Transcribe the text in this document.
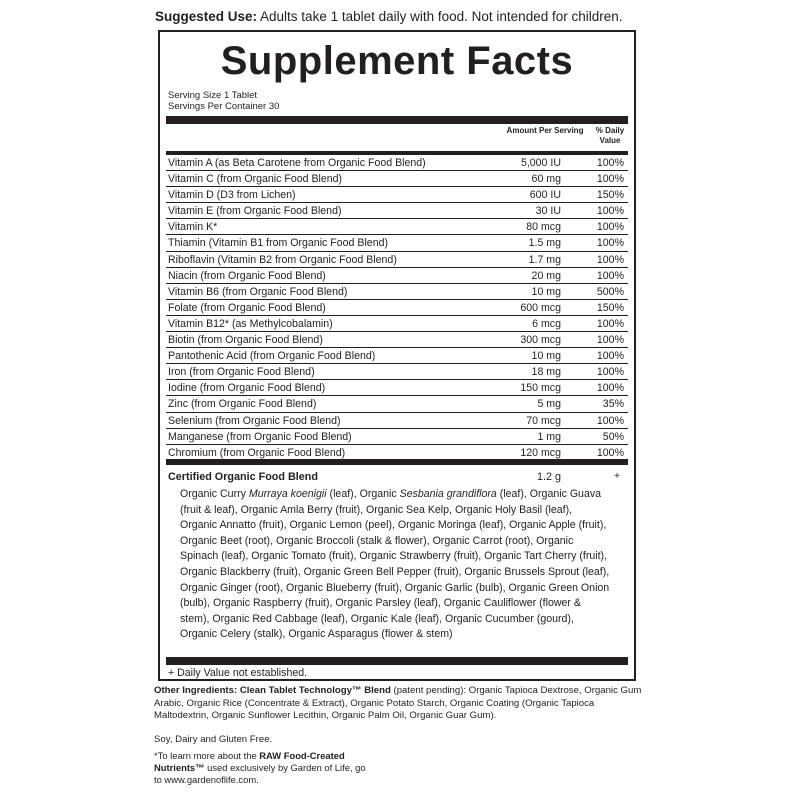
Suggested Use: Adults take 1 tablet daily with food. Not intended for children.
Supplement Facts
Serving Size 1 Tablet
Servings Per Container 30
Amount Per Serving	% Daily Value
Vitamin A (as Beta Carotene from Organic Food Blend)	5,000 IU	100%
Vitamin C (from Organic Food Blend)	60 mg	100%
Vitamin D (D3 from Lichen)	600 IU	150%
Vitamin E (from Organic Food Blend)	30 IU	100%
Vitamin K*	80 mcg	100%
Thiamin (Vitamin B1 from Organic Food Blend)	1.5 mg	100%
Riboflavin (Vitamin B2 from Organic Food Blend)	1.7 mg	100%
Niacin (from Organic Food Blend)	20 mg	100%
Vitamin B6 (from Organic Food Blend)	10 mg	500%
Folate (from Organic Food Blend)	600 mcg	150%
Vitamin B12* (as Methylcobalamin)	6 mcg	100%
Biotin (from Organic Food Blend)	300 mcg	100%
Pantothenic Acid (from Organic Food Blend)	10 mg	100%
Iron (from Organic Food Blend)	18 mg	100%
Iodine (from Organic Food Blend)	150 mcg	100%
Zinc (from Organic Food Blend)	5 mg	35%
Selenium (from Organic Food Blend)	70 mcg	100%
Manganese (from Organic Food Blend)	1 mg	50%
Chromium (from Organic Food Blend)	120 mcg	100%
Certified Organic Food Blend	1.2 g	+
Organic Curry Murraya koenigii (leaf), Organic Sesbania grandiflora (leaf), Organic Guava (fruit & leaf), Organic Amla Berry (fruit), Organic Sea Kelp, Organic Holy Basil (leaf), Organic Annatto (fruit), Organic Lemon (peel), Organic Moringa (leaf), Organic Apple (fruit), Organic Beet (root), Organic Broccoli (stalk & flower), Organic Carrot (root), Organic Spinach (leaf), Organic Tomato (fruit), Organic Strawberry (fruit), Organic Tart Cherry (fruit), Organic Blackberry (fruit), Organic Green Bell Pepper (fruit), Organic Brussels Sprout (leaf), Organic Ginger (root), Organic Blueberry (fruit), Organic Garlic (bulb), Organic Green Onion (bulb), Organic Raspberry (fruit), Organic Parsley (leaf), Organic Cauliflower (flower & stem), Organic Red Cabbage (leaf), Organic Kale (leaf), Organic Cucumber (gourd), Organic Celery (stalk), Organic Asparagus (flower & stem)
+ Daily Value not established.
Other Ingredients: Clean Tablet Technology™ Blend (patent pending): Organic Tapioca Dextrose, Organic Gum Arabic, Organic Rice (Concentrate & Extract), Organic Potato Starch, Organic Coating (Organic Tapioca Maltodextrin, Organic Sunflower Lecithin, Organic Palm Oil, Organic Guar Gum).
Soy, Dairy and Gluten Free.
*To learn more about the RAW Food-Created Nutrients™ used exclusively by Garden of Life, go to www.gardenoflife.com.
